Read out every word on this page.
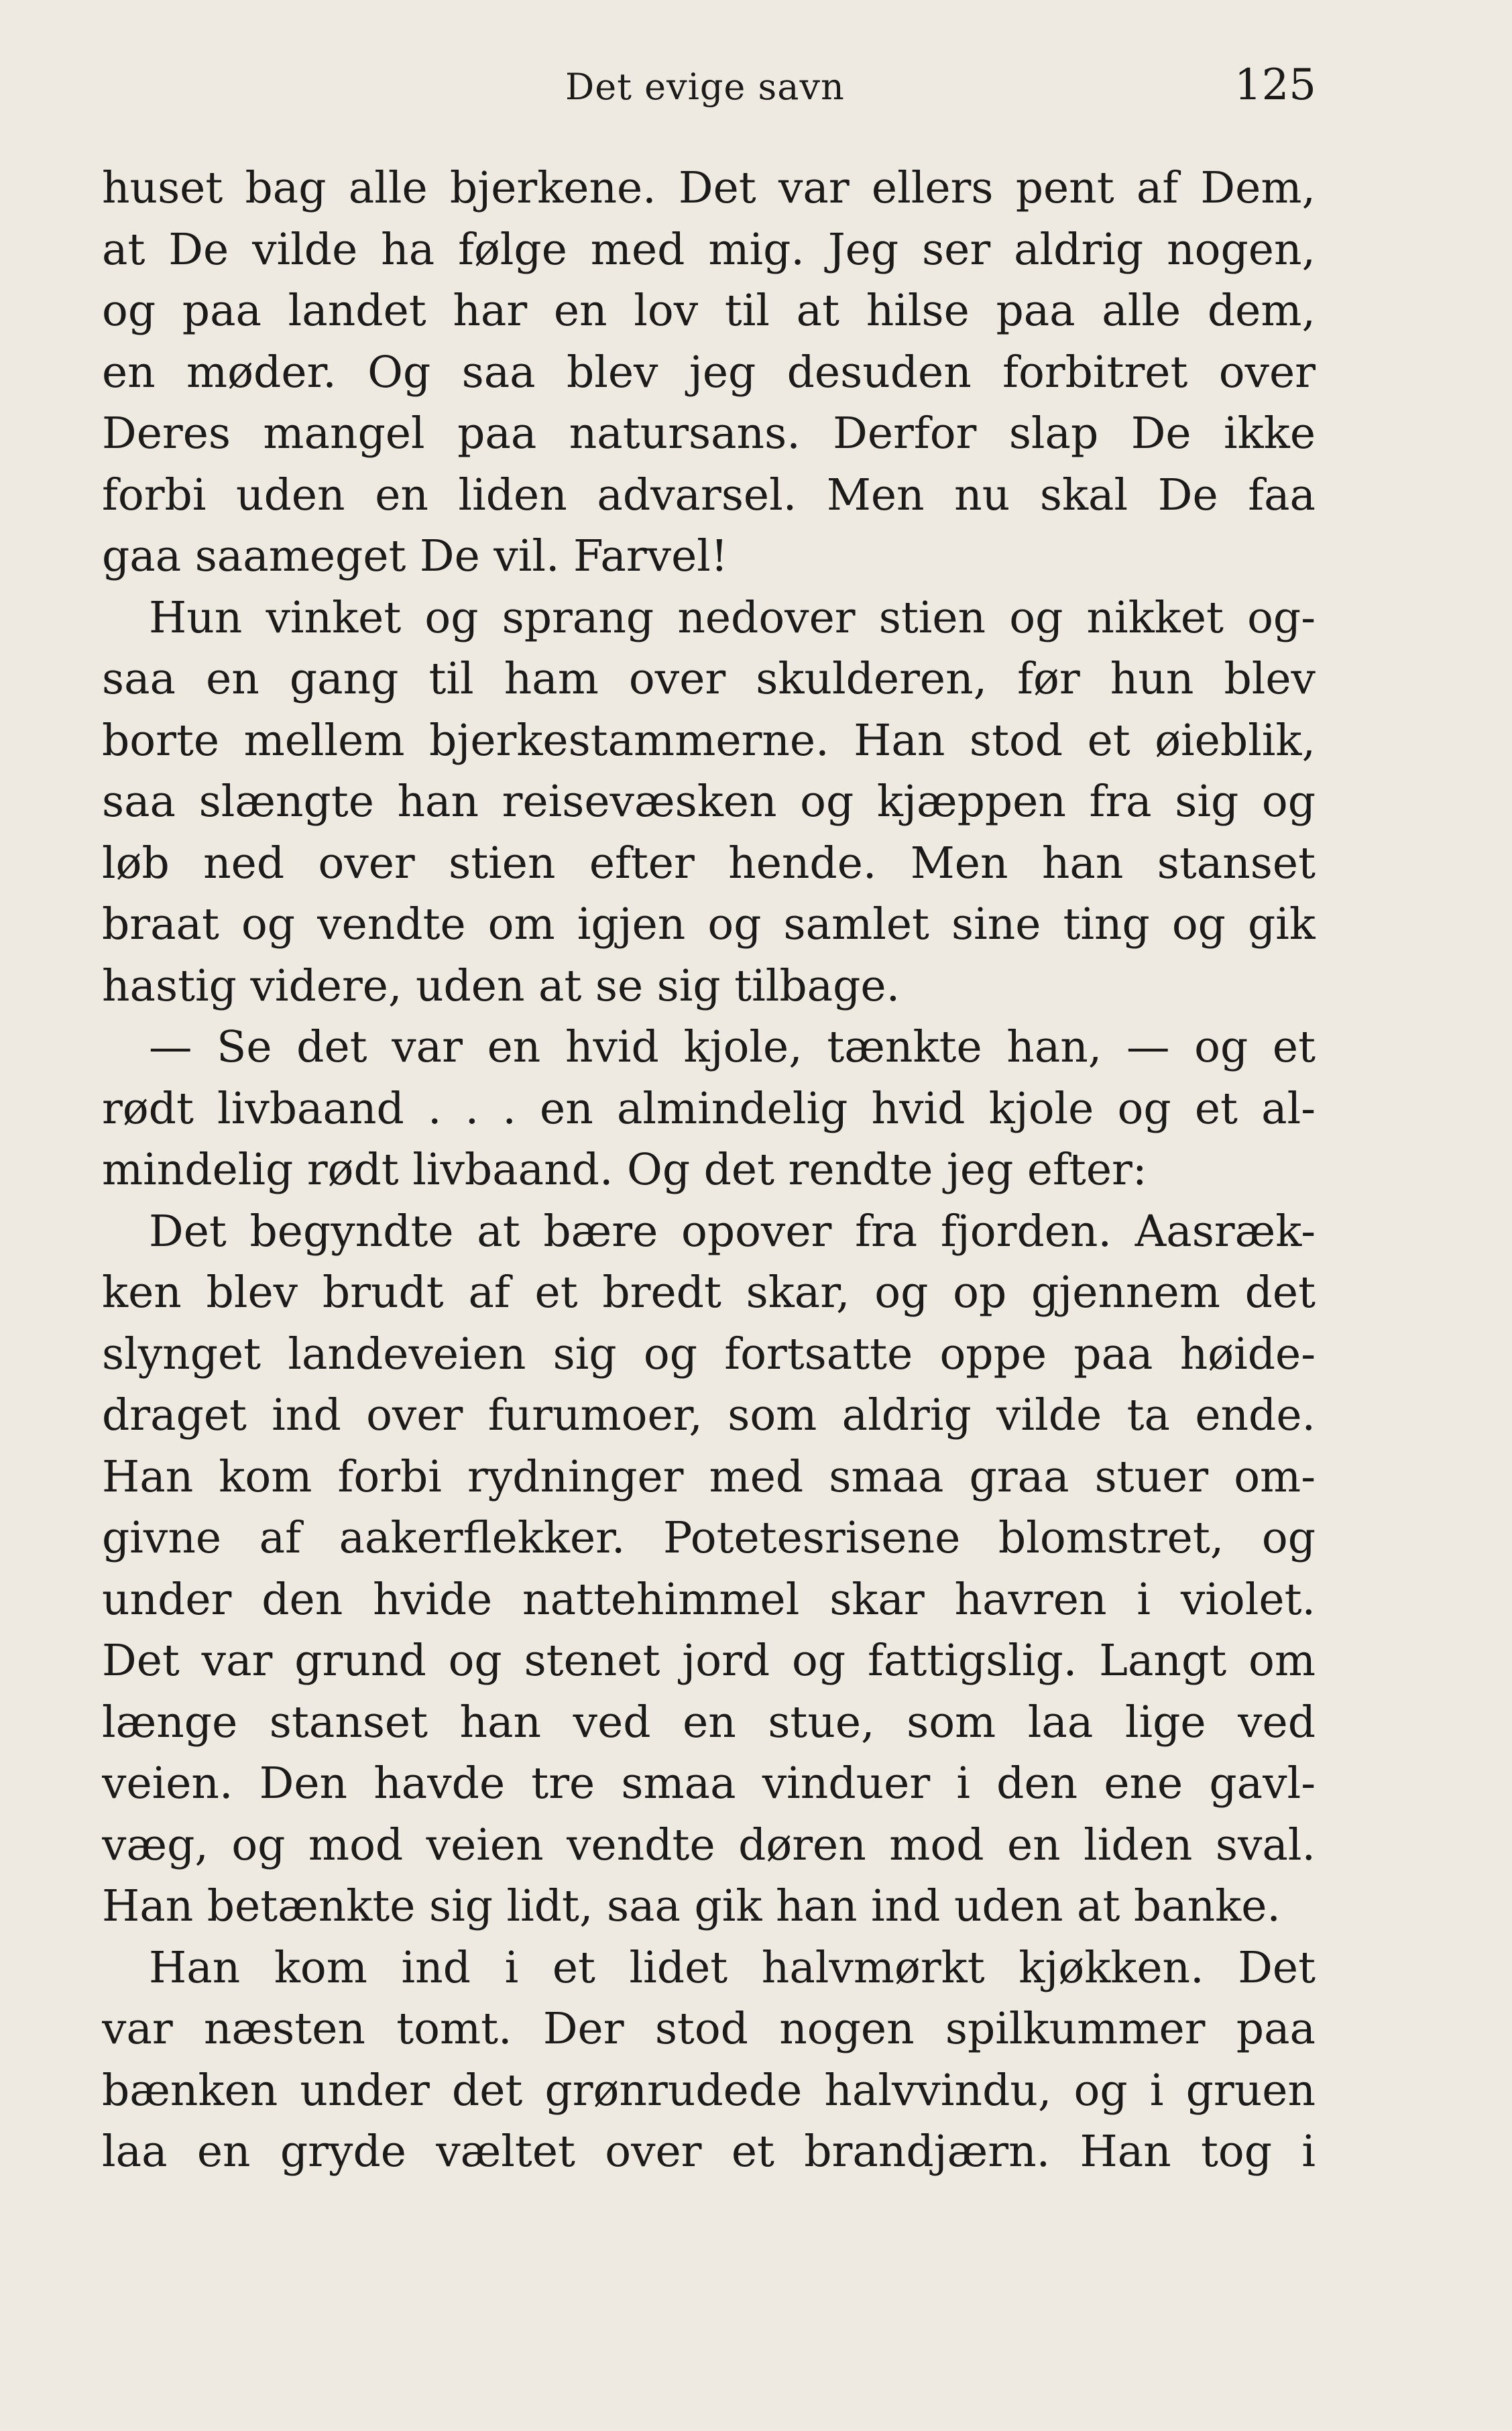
Det evige savn	125
huset bag alle bjerkene. Det var ellers pent af Dem,
at De vilde ha følge med mig. Jeg ser aldrig nogen,
og paa landet har en lov til at hilse paa alle dem,
en møder. Og saa blev jeg desuden forbitret over
Deres mangel paa natursans. Derfor slap De ikke
forbi uden en liden advarsel. Men nu skal De faa
gaa saameget De vil. Farvel!
Hun vinket og sprang nedover stien og nikket og-
saa en gang til ham over skulderen, før hun blev
borte mellem bjerkestammerne. Han stod et øieblik,
saa slængte han reisevæsken og kjæppen fra sig og
løb ned over stien efter hende. Men han stanset
braat og vendte om igjen og samlet sine ting og gik
hastig videre, uden at se sig tilbage.
— Se det var en hvid kjole, tænkte han, — og et
rødt livbaand . . . en almindelig hvid kjole og et al-
mindelig rødt livbaand. Og det rendte jeg efter:
Det begyndte at bære opover fra fjorden. Aasræk-
ken blev brudt af et bredt skar, og op gjennem det
slynget landeveien sig og fortsatte oppe paa høide-
draget ind over furumoer, som aldrig vilde ta ende.
Han kom forbi rydninger med smaa graa stuer om-
givne af aakerflekker. Potetesrisene blomstret, og
under den hvide nattehimmel skar havren i violet.
Det var grund og stenet jord og fattigslig. Langt om
længe stanset han ved en stue, som laa lige ved
veien. Den havde tre smaa vinduer i den ene gavl-
væg, og mod veien vendte døren mod en liden sval.
Han betænkte sig lidt, saa gik han ind uden at banke.
Han kom ind i et lidet halvmørkt kjøkken. Det
var næsten tomt. Der stod nogen spilkummer paa
bænken under det grønrudede halvvindu, og i gruen
laa en gryde væltet over et brandjærn. Han tog i
